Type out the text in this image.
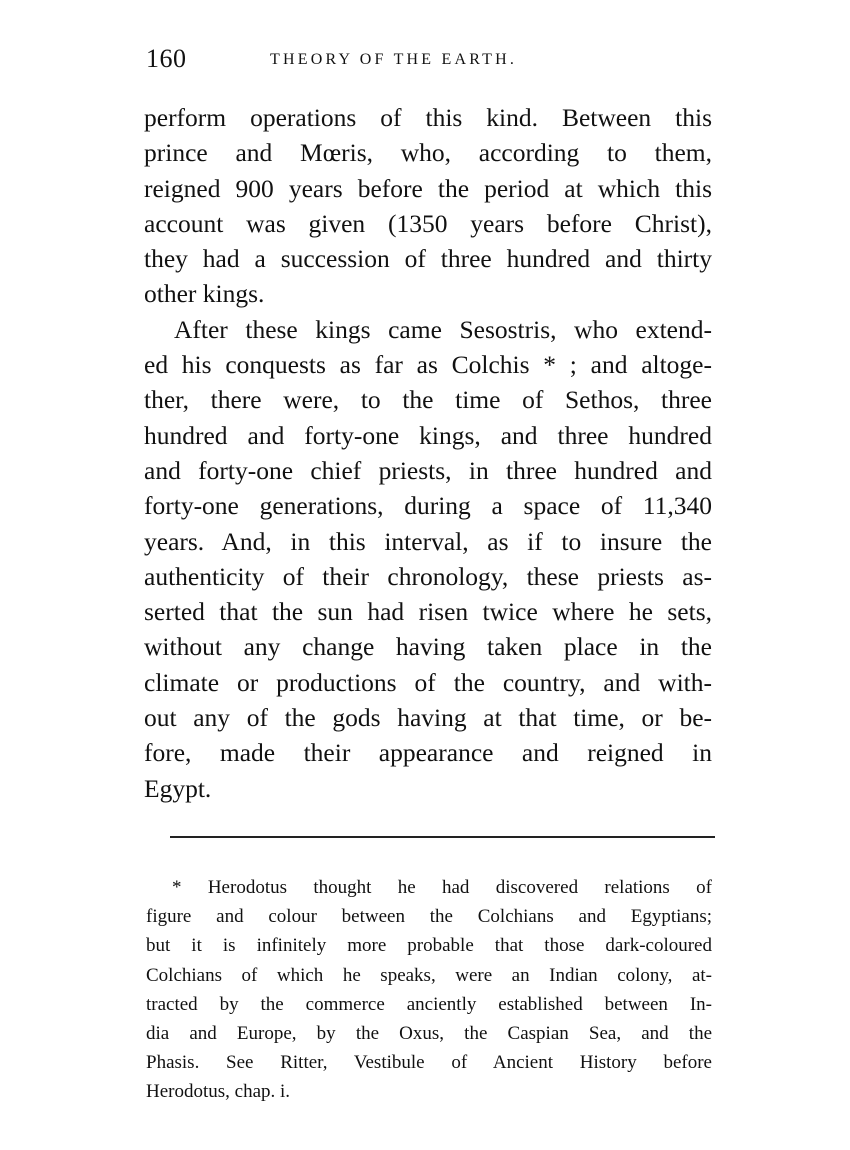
160	THEORY OF THE EARTH.
perform operations of this kind. Between this
prince and Mœris, who, according to them,
reigned 900 years before the period at which this
account was given (1350 years before Christ),
they had a succession of three hundred and thirty
other kings.
After these kings came Sesostris, who extend-
ed his conquests as far as Colchis * ; and altoge-
ther, there were, to the time of Sethos, three
hundred and forty-one kings, and three hundred
and forty-one chief priests, in three hundred and
forty-one generations, during a space of 11,340
years. And, in this interval, as if to insure the
authenticity of their chronology, these priests as-
serted that the sun had risen twice where he sets,
without any change having taken place in the
climate or productions of the country, and with-
out any of the gods having at that time, or be-
fore, made their appearance and reigned in
Egypt.
* Herodotus thought he had discovered relations of
figure and colour between the Colchians and Egyptians;
but it is infinitely more probable that those dark-coloured
Colchians of which he speaks, were an Indian colony, at-
tracted by the commerce anciently established between In-
dia and Europe, by the Oxus, the Caspian Sea, and the
Phasis. See Ritter, Vestibule of Ancient History before
Herodotus, chap. i.
